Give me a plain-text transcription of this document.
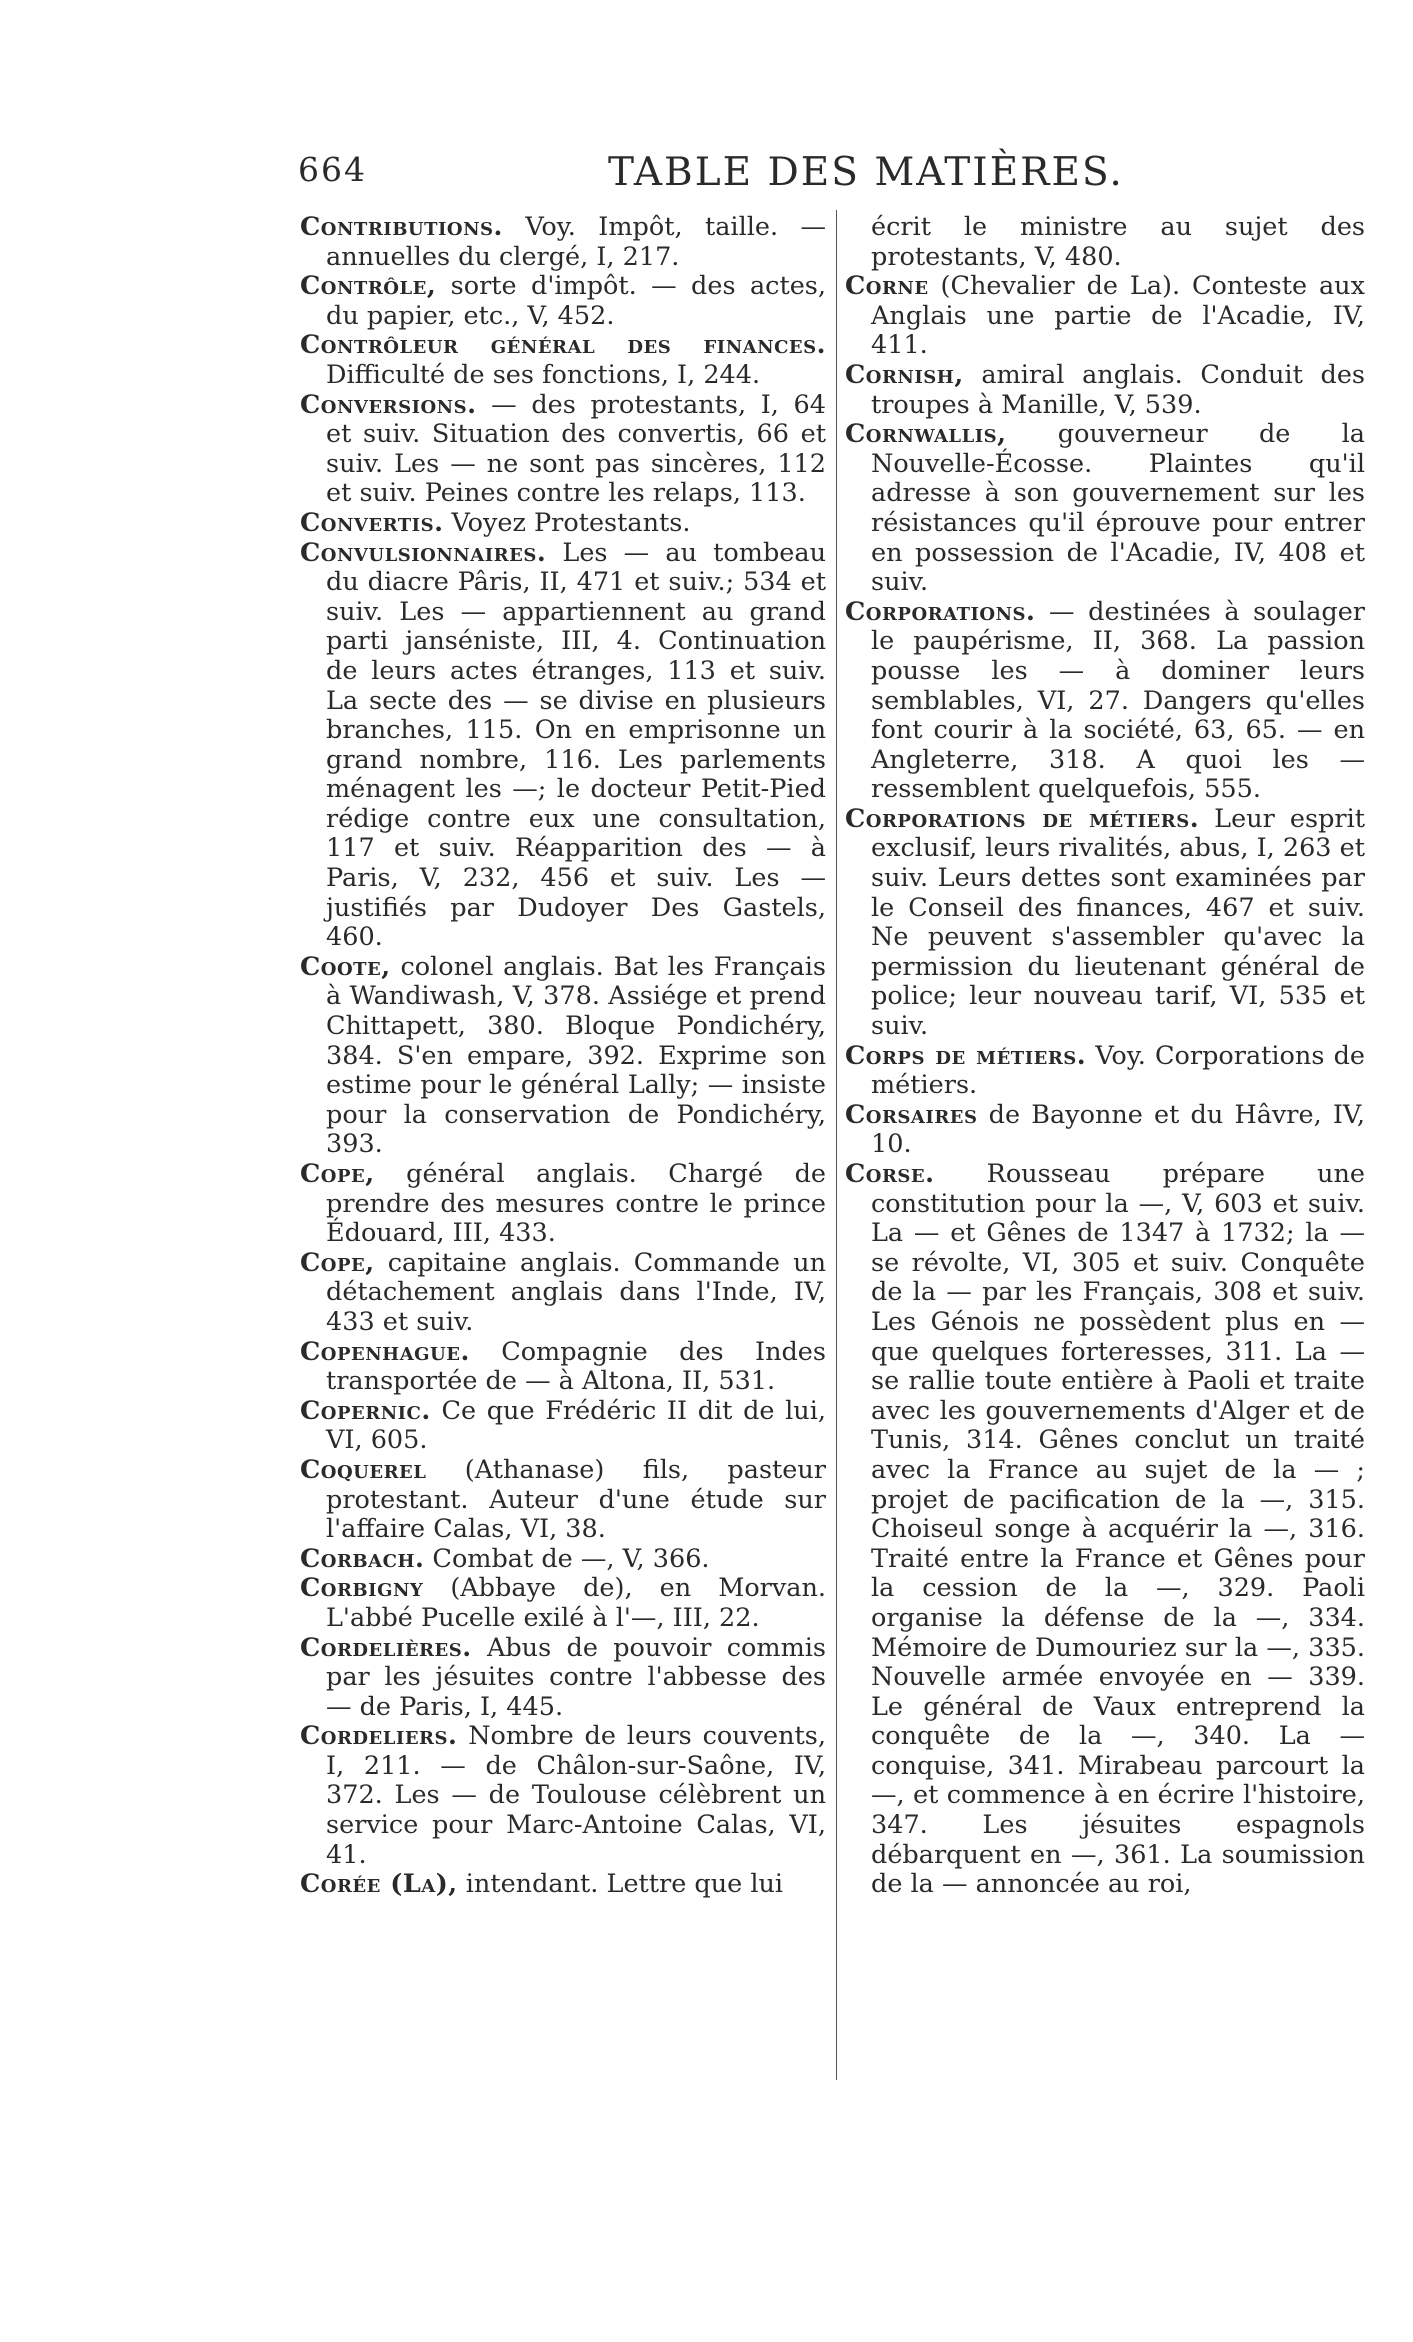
664	TABLE DES MATIÈRES.

Contributions. Voy. Impôt, taille. — annuelles du clergé, I, 217.

Contrôle, sorte d'impôt. — des actes, du papier, etc., V, 452.

Contrôleur général des finances. Difficulté de ses fonctions, I, 244.

Conversions. — des protestants, I, 64 et suiv. Situation des convertis, 66 et suiv. Les — ne sont pas sincères, 112 et suiv. Peines contre les relaps, 113.

Convertis. Voyez Protestants.

Convulsionnaires. Les — au tombeau du diacre Pâris, II, 471 et suiv.; 534 et suiv. Les — appartiennent au grand parti janséniste, III, 4. Continuation de leurs actes étranges, 113 et suiv. La secte des — se divise en plusieurs branches, 115. On en emprisonne un grand nombre, 116. Les parlements ménagent les —; le docteur Petit-Pied rédige contre eux une consultation, 117 et suiv. Réapparition des — à Paris, V, 232, 456 et suiv. Les — justifiés par Dudoyer Des Gastels, 460.

Coote, colonel anglais. Bat les Français à Wandiwash, V, 378. Assiége et prend Chittapett, 380. Bloque Pondichéry, 384. S'en empare, 392. Exprime son estime pour le général Lally; — insiste pour la conservation de Pondichéry, 393.

Cope, général anglais. Chargé de prendre des mesures contre le prince Édouard, III, 433.

Cope, capitaine anglais. Commande un détachement anglais dans l'Inde, IV, 433 et suiv.

Copenhague. Compagnie des Indes transportée de — à Altona, II, 531.

Copernic. Ce que Frédéric II dit de lui, VI, 605.

Coquerel (Athanase) fils, pasteur protestant. Auteur d'une étude sur l'affaire Calas, VI, 38.

Corbach. Combat de —, V, 366.

Corbigny (Abbaye de), en Morvan. L'abbé Pucelle exilé à l'—, III, 22.

Cordelières. Abus de pouvoir commis par les jésuites contre l'abbesse des — de Paris, I, 445.

Cordeliers. Nombre de leurs couvents, I, 211. — de Châlon-sur-Saône, IV, 372. Les — de Toulouse célèbrent un service pour Marc-Antoine Calas, VI, 41.

Corée (La), intendant. Lettre que lui

écrit le ministre au sujet des protestants, V, 480.

Corne (Chevalier de La). Conteste aux Anglais une partie de l'Acadie, IV, 411.

Cornish, amiral anglais. Conduit des troupes à Manille, V, 539.

Cornwallis, gouverneur de la Nouvelle-Écosse. Plaintes qu'il adresse à son gouvernement sur les résistances qu'il éprouve pour entrer en possession de l'Acadie, IV, 408 et suiv.

Corporations. — destinées à soulager le paupérisme, II, 368. La passion pousse les — à dominer leurs semblables, VI, 27. Dangers qu'elles font courir à la société, 63, 65. — en Angleterre, 318. A quoi les — ressemblent quelquefois, 555.

Corporations de métiers. Leur esprit exclusif, leurs rivalités, abus, I, 263 et suiv. Leurs dettes sont examinées par le Conseil des finances, 467 et suiv. Ne peuvent s'assembler qu'avec la permission du lieutenant général de police; leur nouveau tarif, VI, 535 et suiv.

Corps de métiers. Voy. Corporations de métiers.

Corsaires de Bayonne et du Hâvre, IV, 10.

Corse. Rousseau prépare une constitution pour la —, V, 603 et suiv. La — et Gênes de 1347 à 1732; la — se révolte, VI, 305 et suiv. Conquête de la — par les Français, 308 et suiv. Les Génois ne possèdent plus en — que quelques forteresses, 311. La — se rallie toute entière à Paoli et traite avec les gouvernements d'Alger et de Tunis, 314. Gênes conclut un traité avec la France au sujet de la — ; projet de pacification de la —, 315. Choiseul songe à acquérir la —, 316. Traité entre la France et Gênes pour la cession de la —, 329. Paoli organise la défense de la —, 334. Mémoire de Dumouriez sur la —, 335. Nouvelle armée envoyée en — 339. Le général de Vaux entreprend la conquête de la —, 340. La — conquise, 341. Mirabeau parcourt la —, et commence à en écrire l'histoire, 347. Les jésuites espagnols débarquent en —, 361. La soumission de la — annoncée au roi,
